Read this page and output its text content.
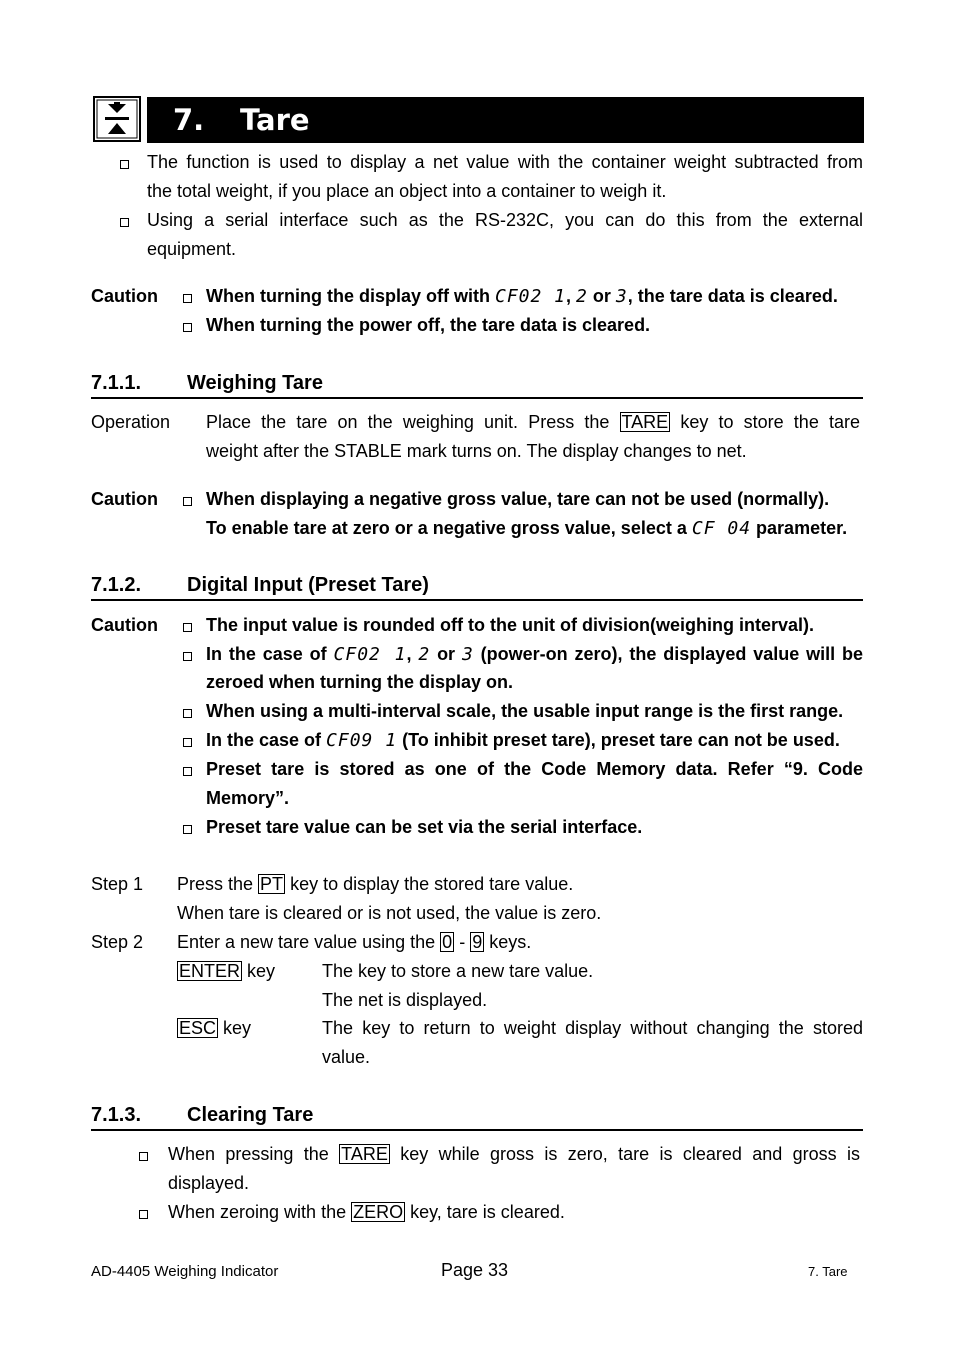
7. Tare
The function is used to display a net value with the container weight subtracted from
the total weight, if you place an object into a container to weigh it.
Using a serial interface such as the RS-232C, you can do this from the external
equipment.
Caution	When turning the display off with CF02 1, 2 or 3, the tare data is cleared.
When turning the power off, the tare data is cleared.
7.1.1. Weighing Tare
Operation Place the tare on the weighing unit. Press the TARE key to store the tare
weight after the STABLE mark turns on. The display changes to net.
Caution	When displaying a negative gross value, tare can not be used (normally).
To enable tare at zero or a negative gross value, select a CF 04 parameter.
7.1.2. Digital Input (Preset Tare)
Caution	The input value is rounded off to the unit of division(weighing interval).
In the case of CF02 1, 2 or 3 (power-on zero), the displayed value will be
zeroed when turning the display on.
When using a multi-interval scale, the usable input range is the first range.
In the case of CF09 1 (To inhibit preset tare), preset tare can not be used.
Preset tare is stored as one of the Code Memory data. Refer “9. Code
Memory”.
Preset tare value can be set via the serial interface.
Step 1 Press the PT key to display the stored tare value.
When tare is cleared or is not used, the value is zero.
Step 2 Enter a new tare value using the 0 - 9 keys.
ENTER key	The key to store a new tare value.
The net is displayed.
ESC key	The key to return to weight display without changing the stored
value.
7.1.3. Clearing Tare
When pressing the TARE key while gross is zero, tare is cleared and gross is
displayed.
When zeroing with the ZERO key, tare is cleared.
AD-4405 Weighing Indicator	Page 33	7. Tare
